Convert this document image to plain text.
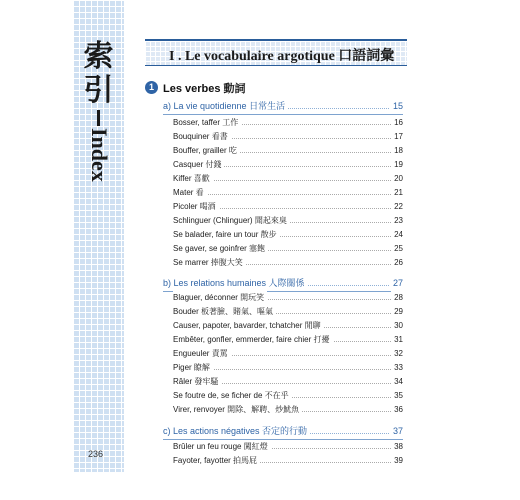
索
引
Index
236
I . Le vocabulaire argotique 口語詞彙
1 Les verbes 動詞
a) La vie quotidienne 日常生活	15
Bosser, taffer 工作	16
Bouquiner 看書	17
Bouffer, grailler 吃	18
Casquer 付錢	19
Kiffer 喜歡	20
Mater 看	21
Picoler 喝酒	22
Schlinguer (Chlinguer) 聞起來臭	23
Se balader, faire un tour 散步	24
Se gaver, se goinfrer 塞飽	25
Se marrer 捧腹大笑	26
b) Les relations humaines 人際關係	27
Blaguer, déconner 開玩笑	28
Bouder 板著臉、賭氣、嘔氣	29
Causer, papoter, bavarder, tchatcher 閒聊	30
Embêter, gonfler, emmerder, faire chier 打擾	31
Engueuler 責罵	32
Piger 瞭解	33
Râler 發牢騷	34
Se foutre de, se ficher de 不在乎	35
Virer, renvoyer 開除、解聘、炒魷魚	36
c) Les actions négatives 否定的行動	37
Brûler un feu rouge 闖紅燈	38
Fayoter, fayotter 拍馬屁	39
